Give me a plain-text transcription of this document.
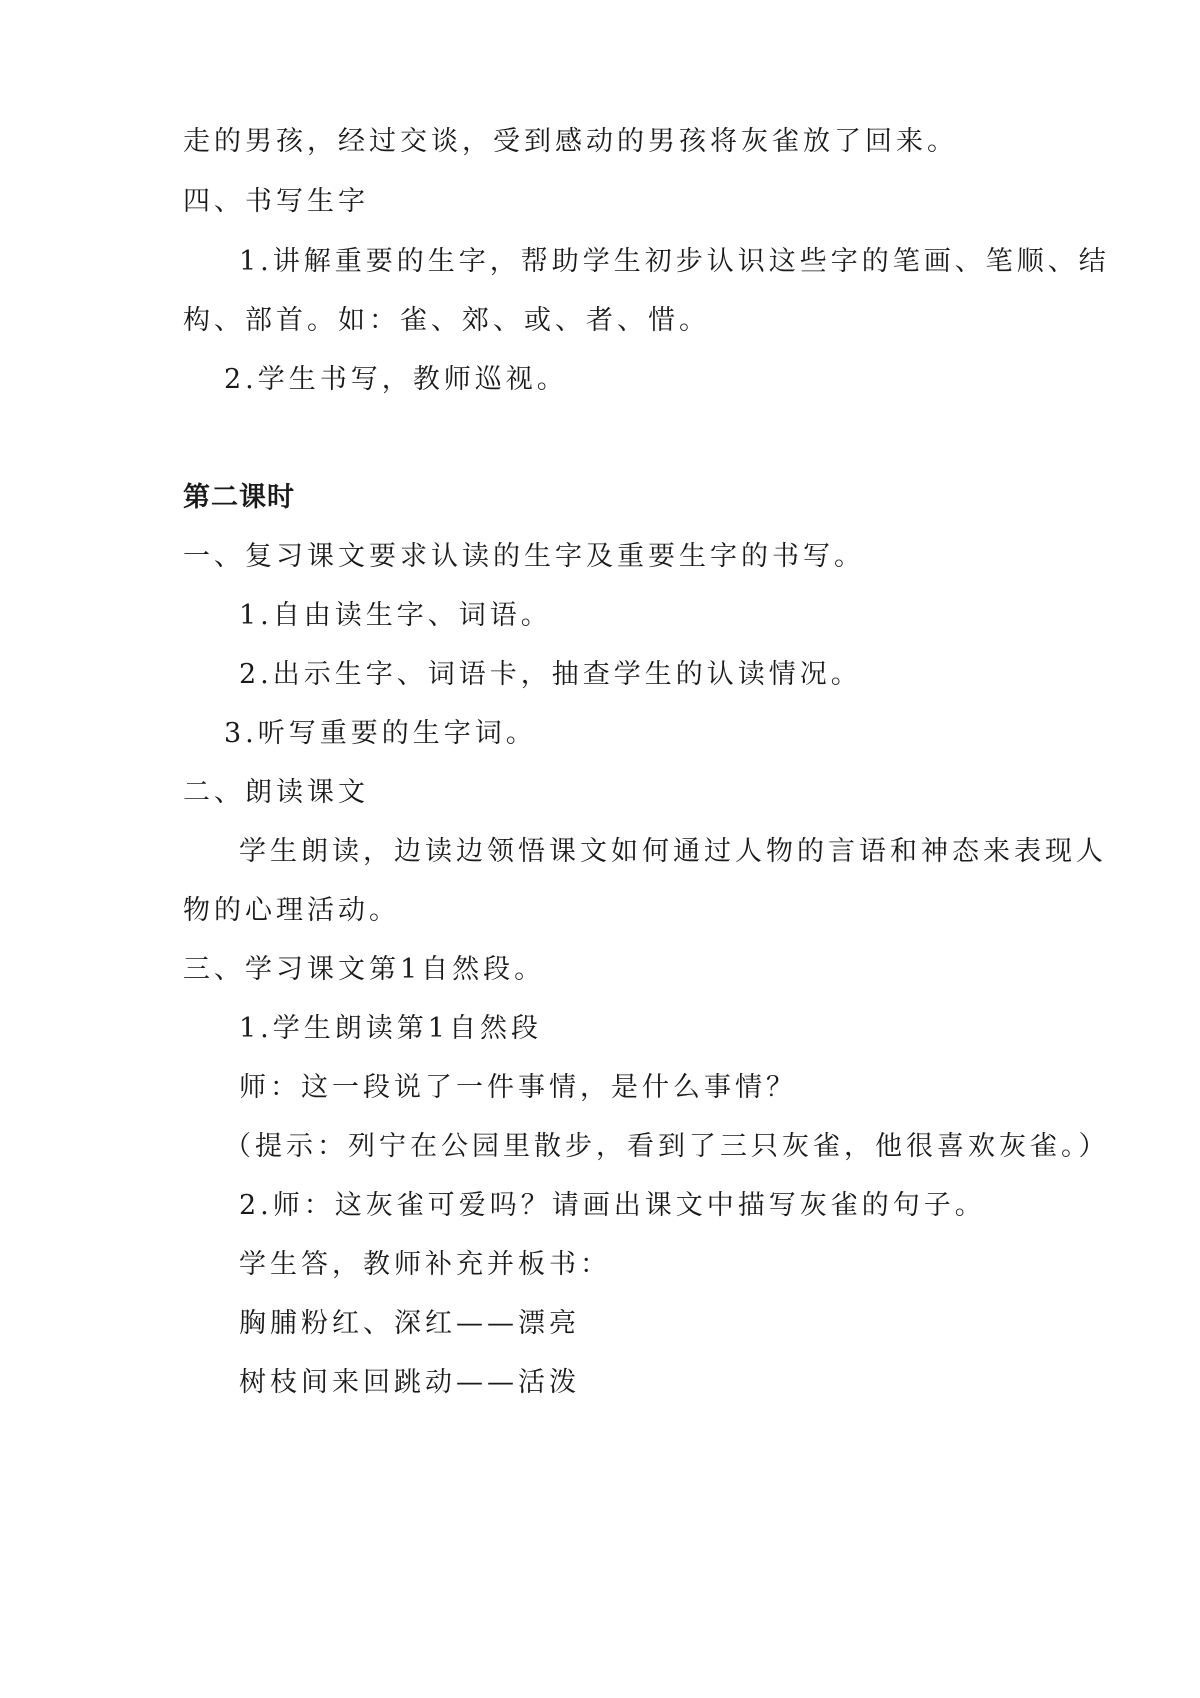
走的男孩，经过交谈，受到感动的男孩将灰雀放了回来。
四、书写生字
1.讲解重要的生字，帮助学生初步认识这些字的笔画、笔顺、结
构、部首。如：雀、郊、或、者、惜。
2.学生书写，教师巡视。
第二课时
一、复习课文要求认读的生字及重要生字的书写。
1.自由读生字、词语。
2.出示生字、词语卡，抽查学生的认读情况。
3.听写重要的生字词。
二、朗读课文
学生朗读，边读边领悟课文如何通过人物的言语和神态来表现人
物的心理活动。
三、学习课文第1自然段。
1.学生朗读第1自然段
师：这一段说了一件事情，是什么事情？
（提示：列宁在公园里散步，看到了三只灰雀，他很喜欢灰雀。）
2.师：这灰雀可爱吗？请画出课文中描写灰雀的句子。
学生答，教师补充并板书：
胸脯粉红、深红——漂亮
树枝间来回跳动——活泼
